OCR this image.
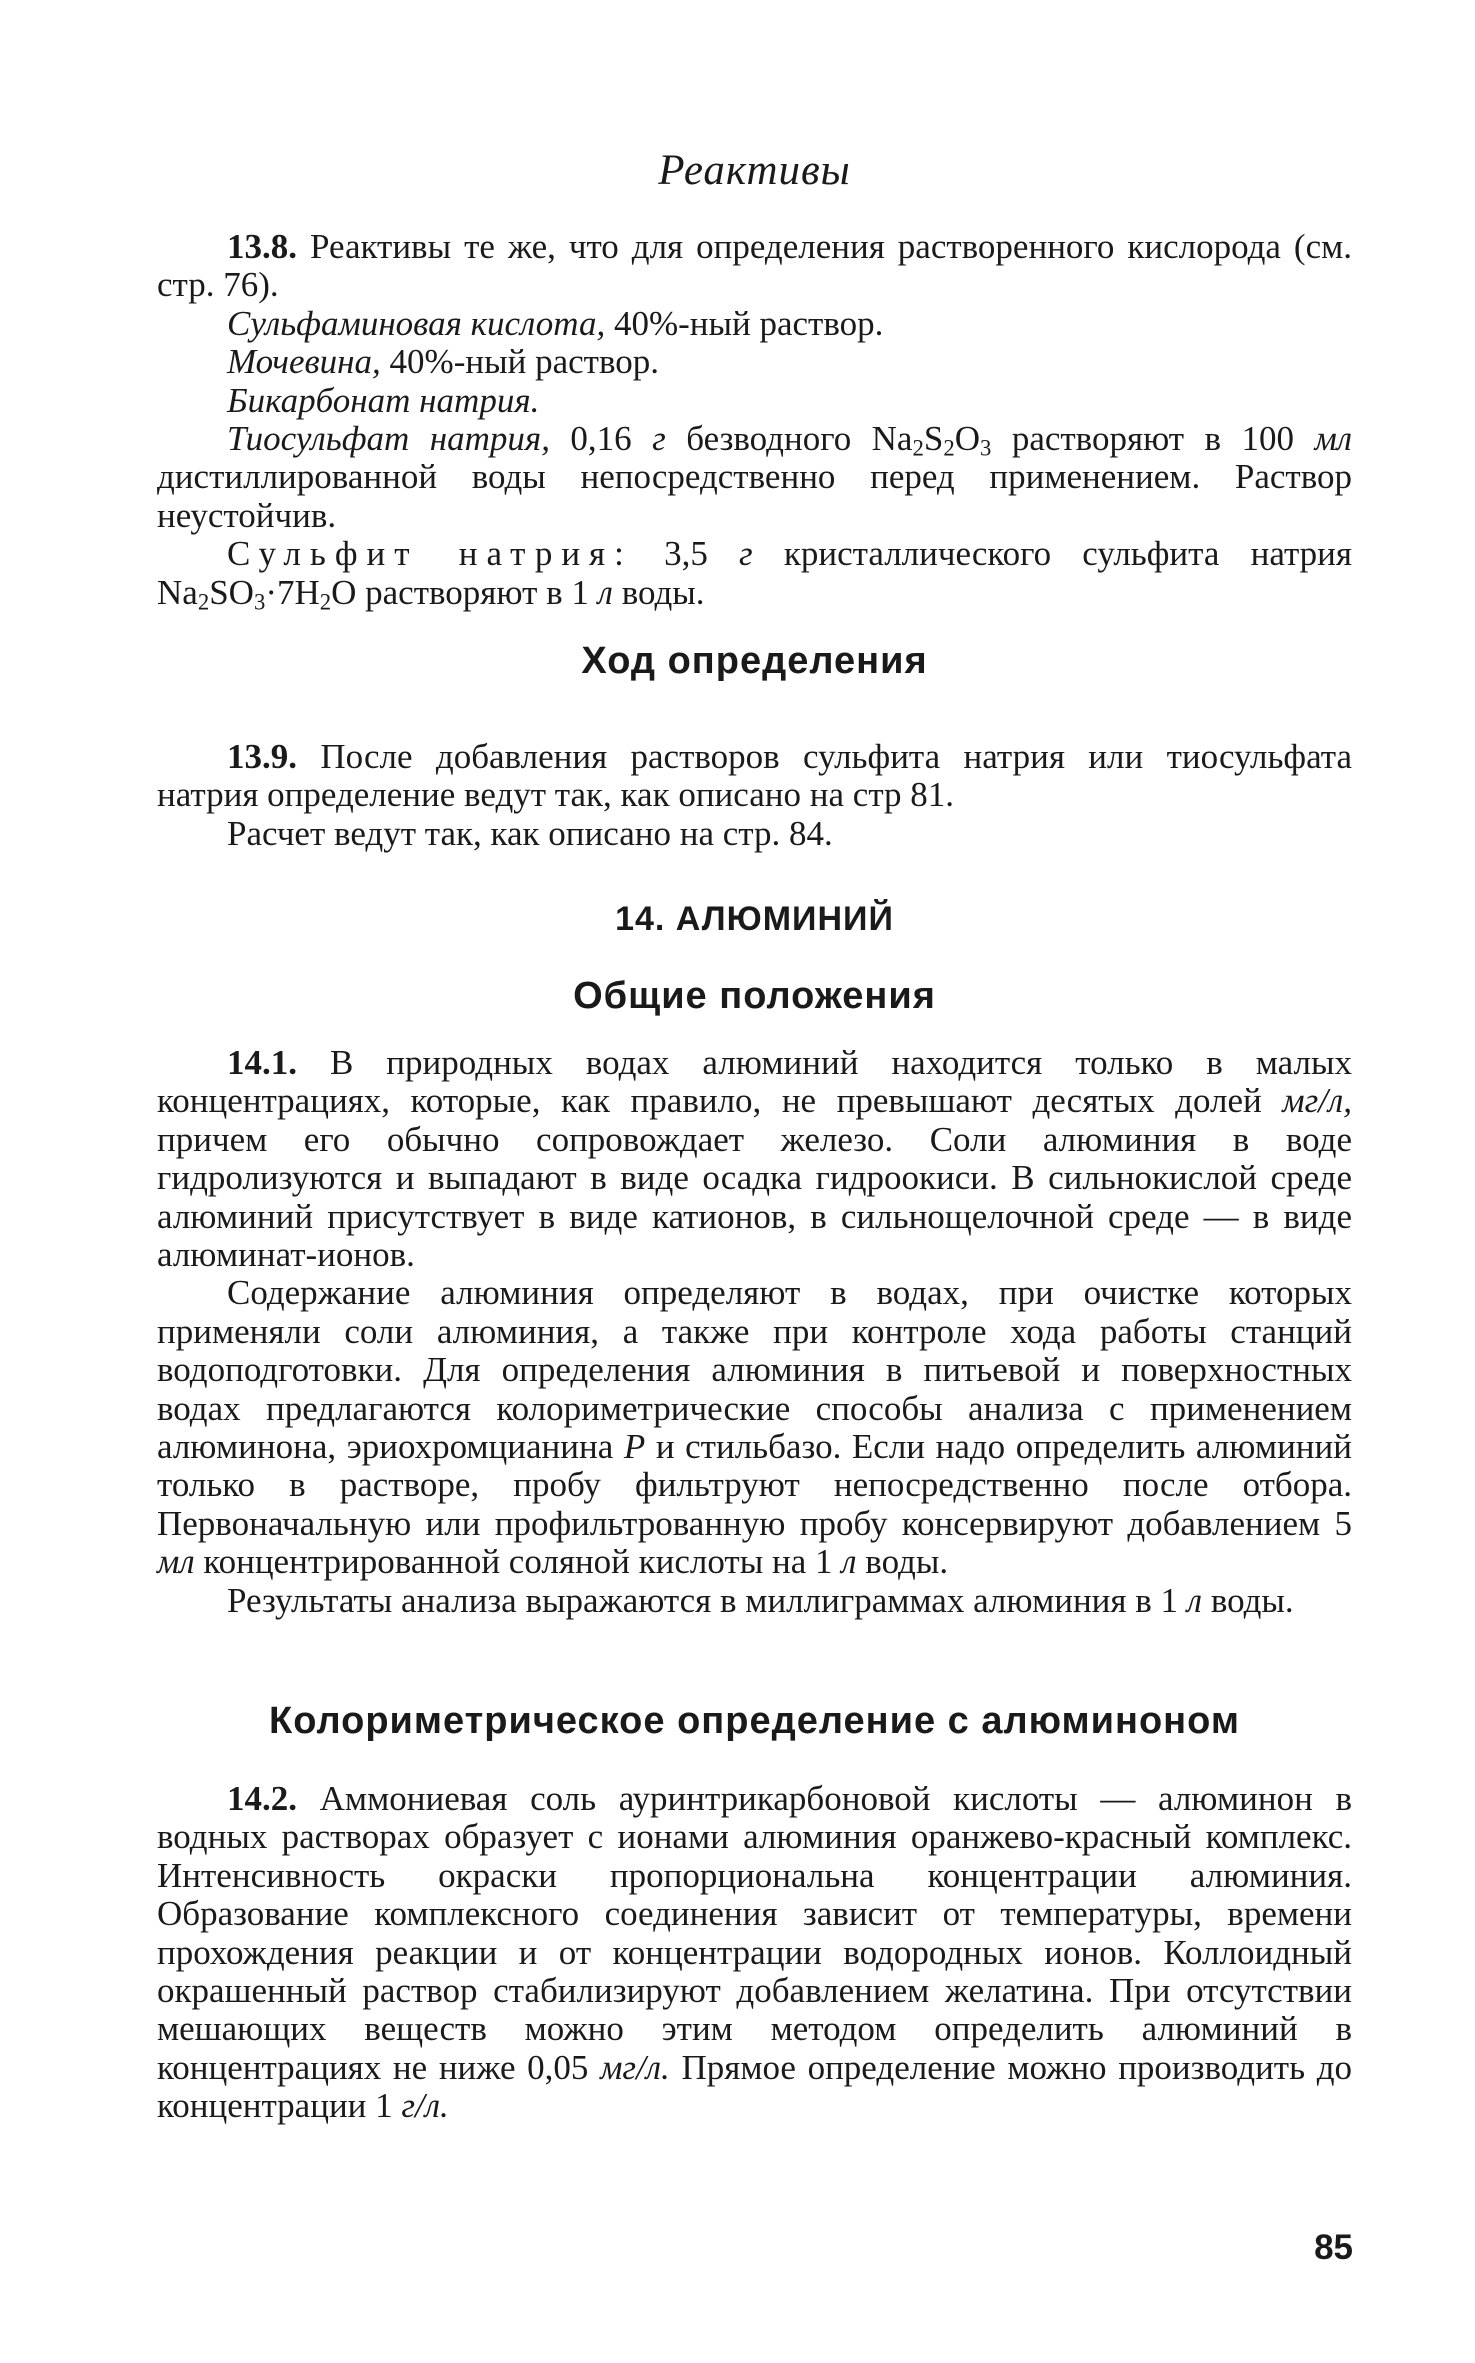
Реактивы

13.8. Реактивы те же, что для определения растворенного кислорода (см. стр. 76).

Сульфаминовая кислота, 40%-ный раствор.

Мочевина, 40%-ный раствор.

Бикарбонат натрия.

Тиосульфат натрия, 0,16 г безводного $Na_2S_2O_3$ растворяют в 100 мл дистиллированной воды непосредственно перед применением. Раствор неустойчив.

Сульфит натрия: 3,5 г кристаллического сульфита натрия $Na_2SO_3\cdot 7H_2O$ растворяют в 1 л воды.

Ход определения

13.9. После добавления растворов сульфита натрия или тиосульфата натрия определение ведут так, как описано на стр 81.

Расчет ведут так, как описано на стр. 84.

14. АЛЮМИНИЙ
Общие положения

14.1. В природных водах алюминий находится только в малых концентрациях, которые, как правило, не превышают десятых долей мг/л, причем его обычно сопровождает железо. Соли алюминия в воде гидролизуются и выпадают в виде осадка гидроокиси. В сильнокислой среде алюминий присутствует в виде катионов, в сильнощелочной среде — в виде алюминат-ионов.

Содержание алюминия определяют в водах, при очистке которых применяли соли алюминия, а также при контроле хода работы станций водоподготовки. Для определения алюминия в питьевой и поверхностных водах предлагаются колориметрические способы анализа с применением алюминона, эриохромцианина P и стильбазо. Если надо определить алюминий только в растворе, пробу фильтруют непосредственно после отбора. Первоначальную или профильтрованную пробу консервируют добавлением 5 мл концентрированной соляной кислоты на 1 л воды.

Результаты анализа выражаются в миллиграммах алюминия в 1 л воды.

Колориметрическое определение с алюминоном

14.2. Аммониевая соль ауринтрикарбоновой кислоты — алюминон в водных растворах образует с ионами алюминия оранжево-красный комплекс. Интенсивность окраски пропорциональна концентрации алюминия. Образование комплексного соединения зависит от температуры, времени прохождения реакции и от концентрации водородных ионов. Коллоидный окрашенный раствор стабилизируют добавлением желатина. При отсутствии мешающих веществ можно этим методом определить алюминий в концентрациях не ниже 0,05 мг/л. Прямое определение можно производить до концентрации 1 г/л.

85
